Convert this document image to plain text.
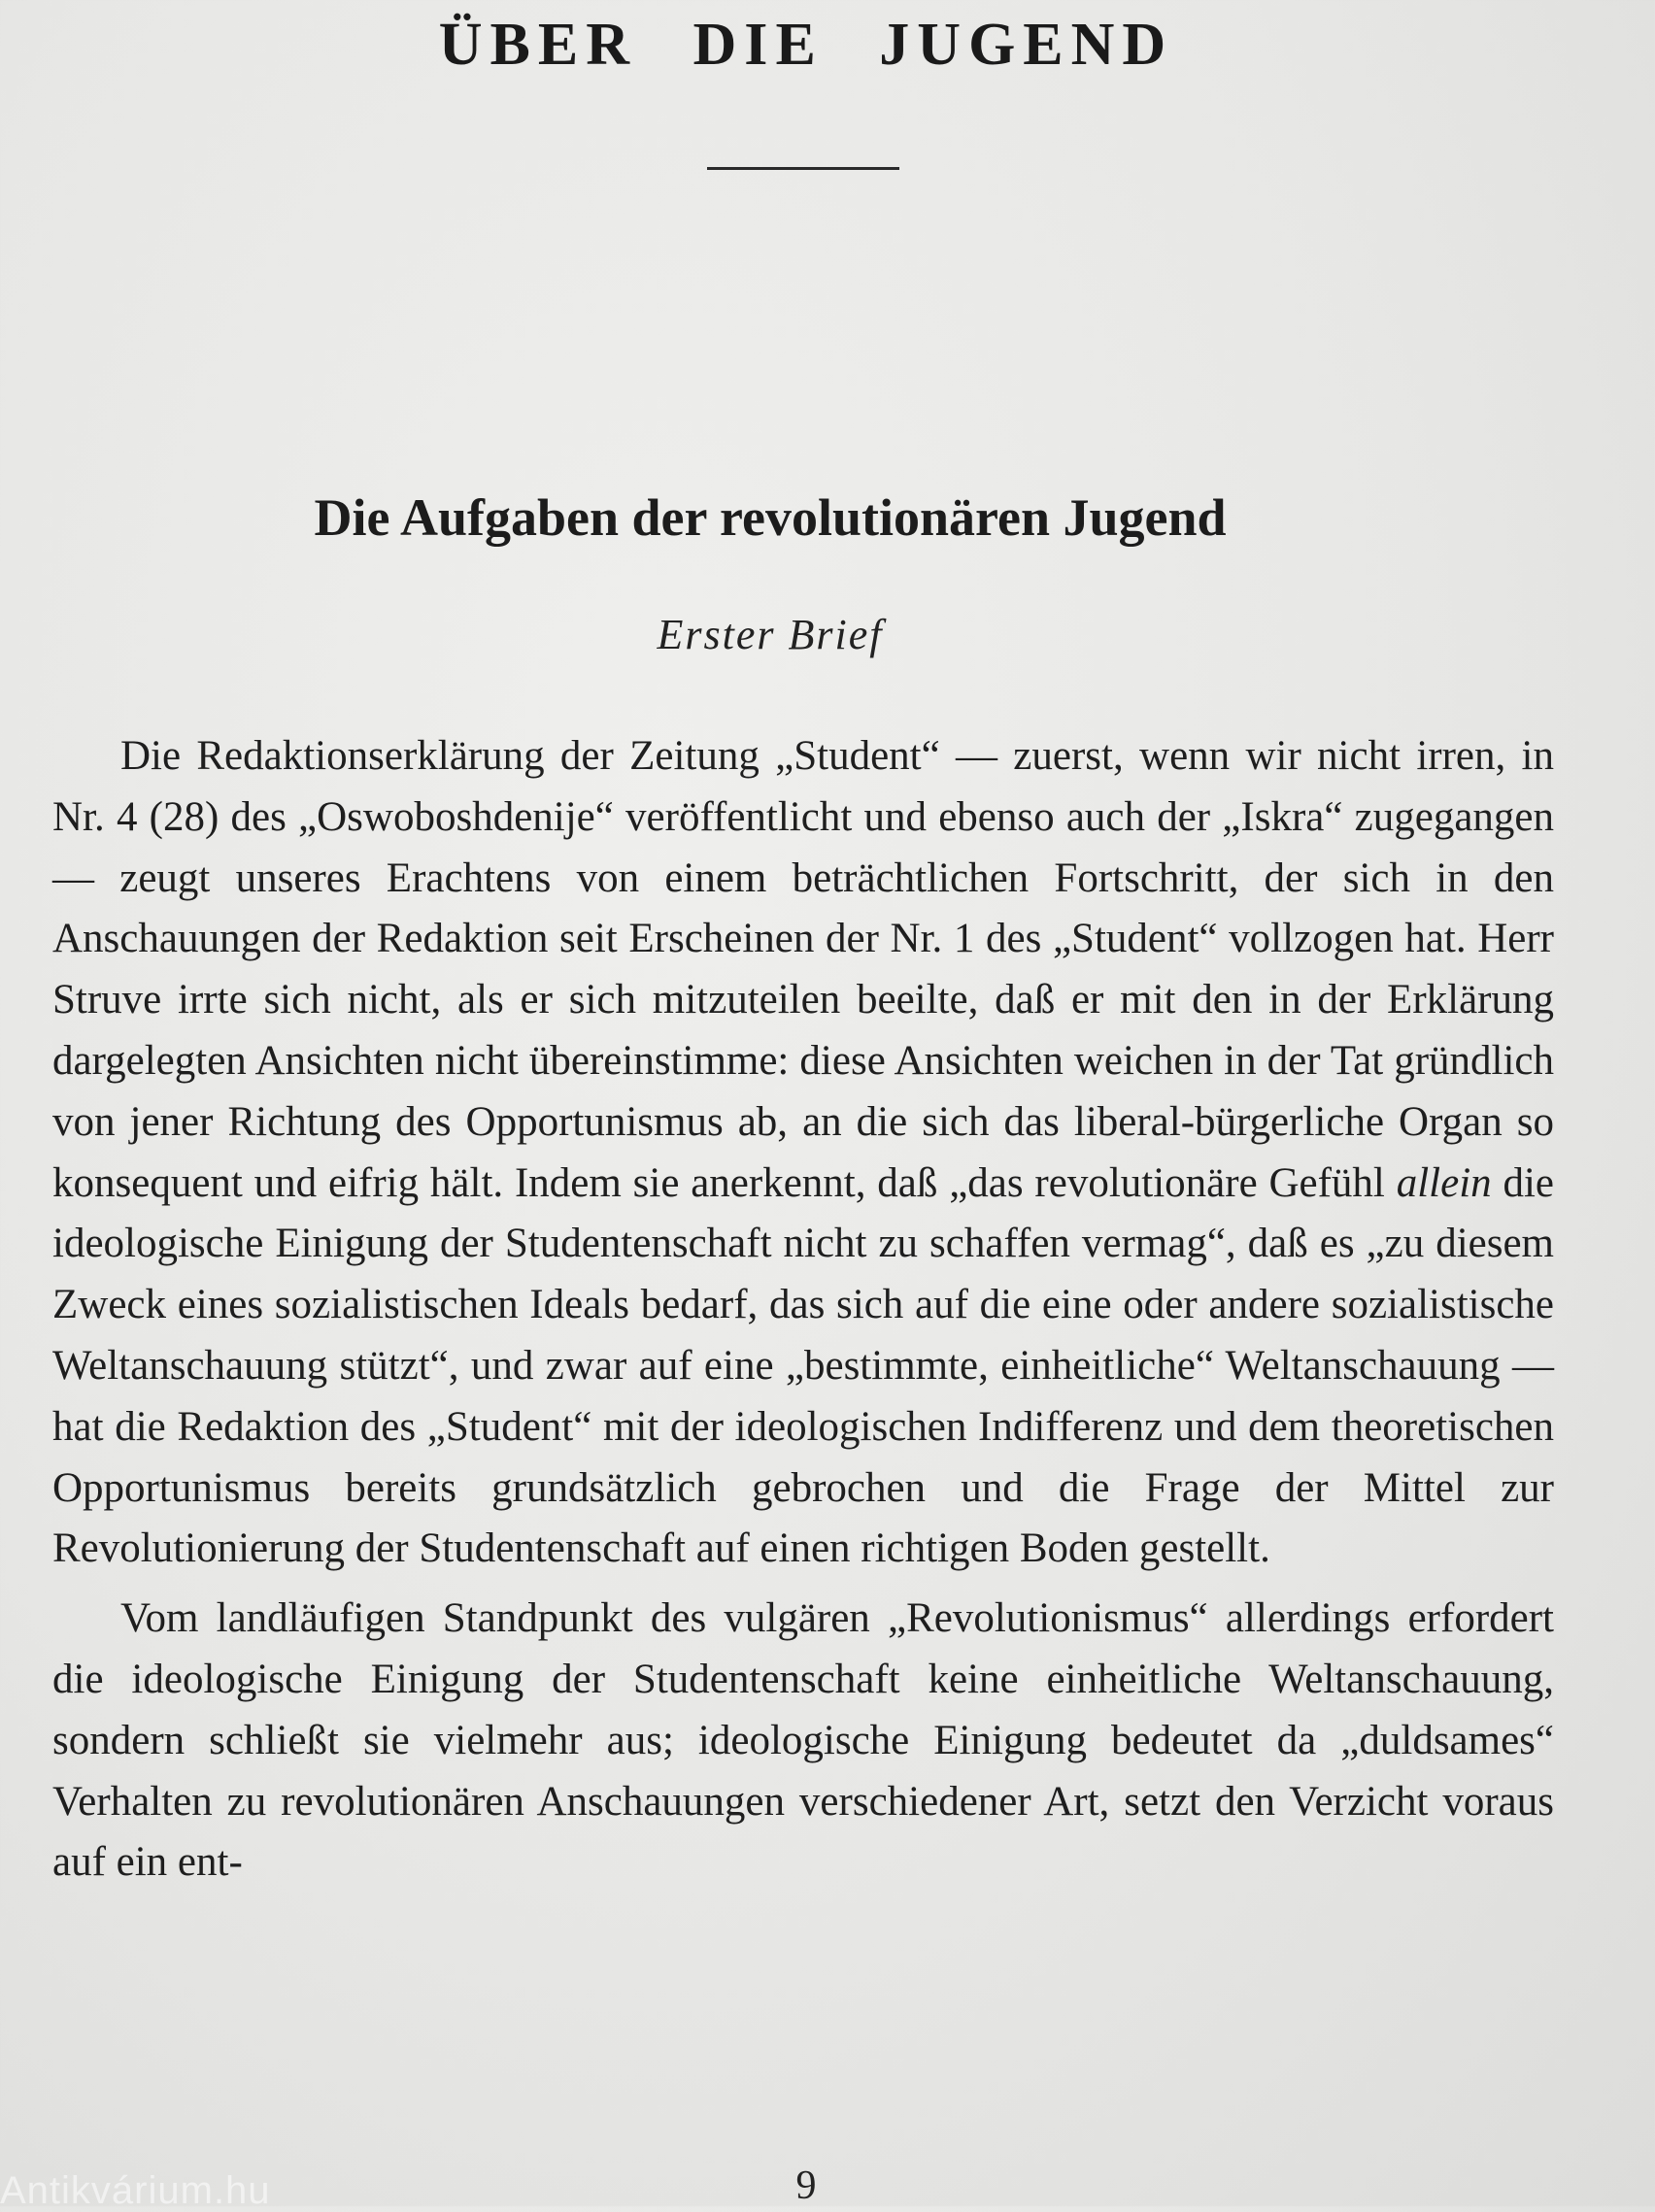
ÜBER DIE JUGEND
Die Aufgaben der revolutionären Jugend
Erster Brief

Die Redaktionserklärung der Zeitung „Student“ — zuerst, wenn wir nicht irren, in Nr. 4 (28) des „Oswoboshdenije“ veröffentlicht und ebenso auch der „Iskra“ zugegangen — zeugt unseres Erachtens von einem beträchtlichen Fortschritt, der sich in den Anschauungen der Redaktion seit Erscheinen der Nr. 1 des „Student“ vollzogen hat. Herr Struve irrte sich nicht, als er sich mitzuteilen beeilte, daß er mit den in der Erklärung dargelegten Ansichten nicht übereinstimme: diese Ansichten weichen in der Tat gründlich von jener Richtung des Opportunismus ab, an die sich das liberal-bürgerliche Organ so konsequent und eifrig hält. Indem sie anerkennt, daß „das revolutionäre Gefühl allein die ideologische Einigung der Studentenschaft nicht zu schaffen vermag“, daß es „zu diesem Zweck eines sozialistischen Ideals bedarf, das sich auf die eine oder andere sozialistische Weltanschauung stützt“, und zwar auf eine „bestimmte, einheitliche“ Weltanschauung — hat die Redaktion des „Student“ mit der ideologischen Indifferenz und dem theoretischen Opportunismus bereits grundsätzlich gebrochen und die Frage der Mittel zur Revolutionierung der Studentenschaft auf einen richtigen Boden gestellt.

Vom landläufigen Standpunkt des vulgären „Revolutionismus“ allerdings erfordert die ideologische Einigung der Studentenschaft keine einheitliche Weltanschauung, sondern schließt sie vielmehr aus; ideologische Einigung bedeutet da „duldsames“ Verhalten zu revolutionären Anschauungen verschiedener Art, setzt den Verzicht voraus auf ein ent-

9
Antikvárium.hu
